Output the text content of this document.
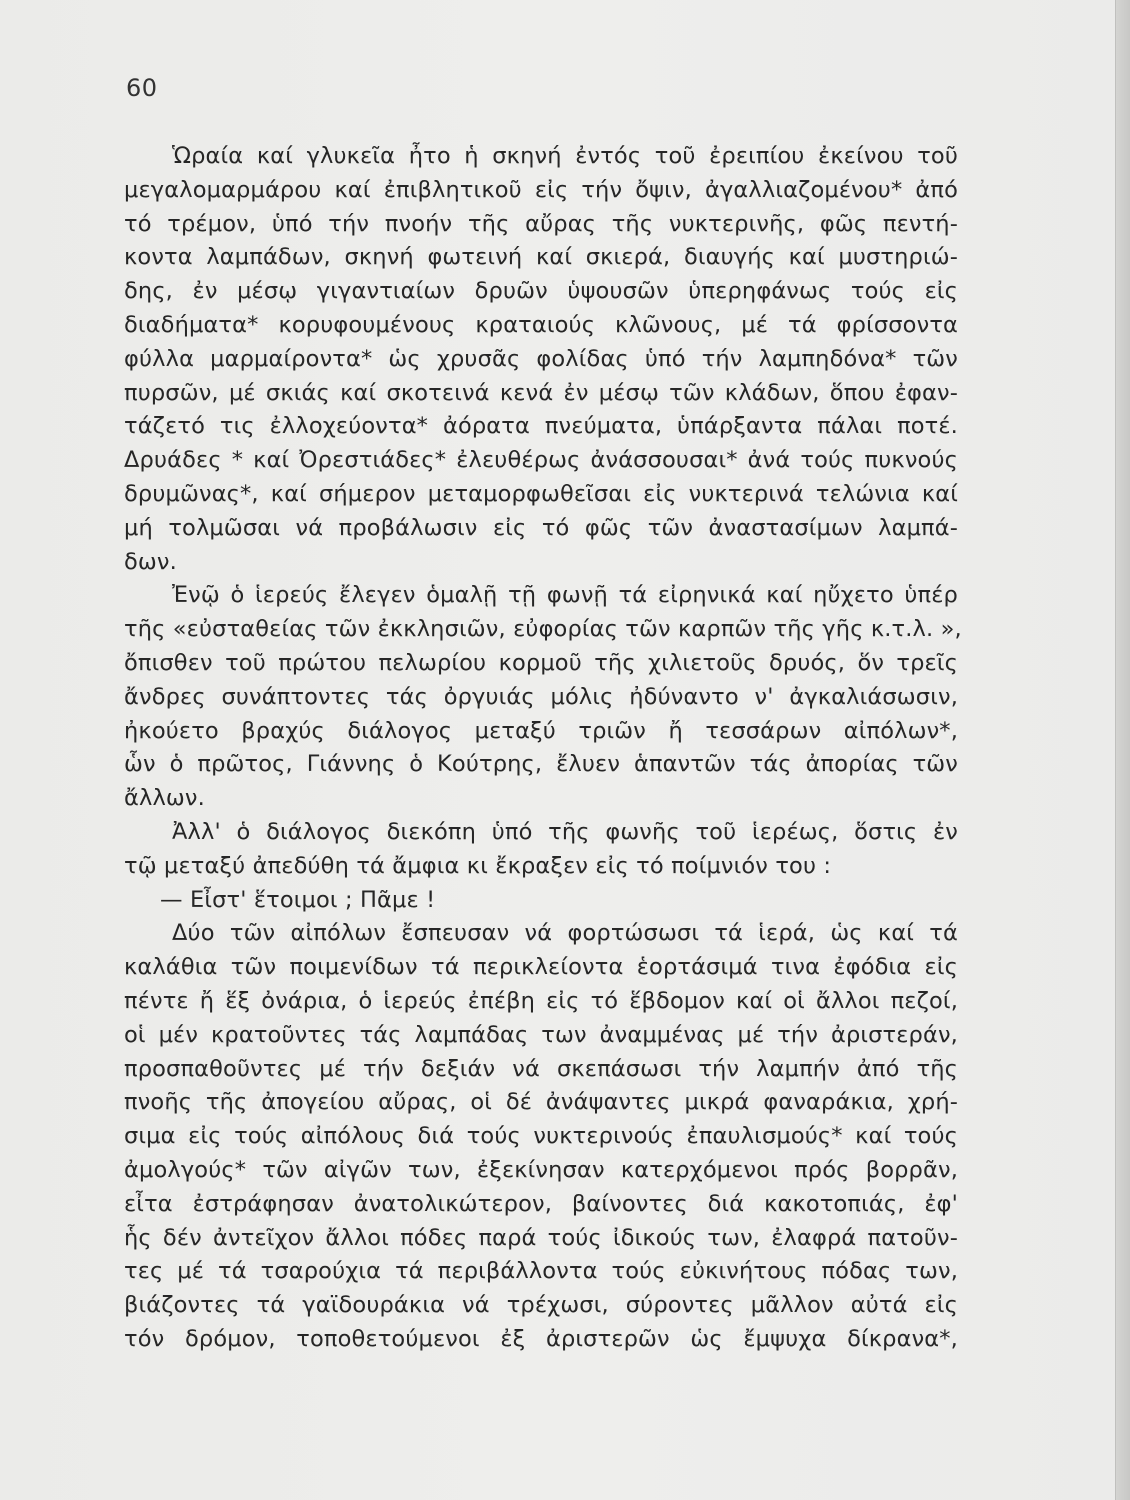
60
Ὡραία καί γλυκεῖα ἦτο ἡ σκηνή ἐντός τοῦ ἐρειπίου ἐκείνου τοῦ
μεγαλομαρμάρου καί ἐπιβλητικοῦ εἰς τήν ὄψιν, ἀγαλλιαζομένου* ἀπό
τό τρέμον, ὑπό τήν πνοήν τῆς αὔρας τῆς νυκτερινῆς, φῶς πεντή-
κοντα λαμπάδων, σκηνή φωτεινή καί σκιερά, διαυγής καί μυστηριώ-
δης, ἐν μέσῳ γιγαντιαίων δρυῶν ὑψουσῶν ὑπερηφάνως τούς εἰς
διαδήματα* κορυφουμένους κραταιούς κλῶνους, μέ τά φρίσσοντα
φύλλα μαρμαίροντα* ὡς χρυσᾶς φολίδας ὑπό τήν λαμπηδόνα* τῶν
πυρσῶν, μέ σκιάς καί σκοτεινά κενά ἐν μέσῳ τῶν κλάδων, ὅπου ἐφαν-
τάζετό τις ἐλλοχεύοντα* ἀόρατα πνεύματα, ὑπάρξαντα πάλαι ποτέ.
Δρυάδες * καί Ὀρεστιάδες* ἐλευθέρως ἀνάσσουσαι* ἀνά τούς πυκνούς
δρυμῶνας*, καί σήμερον μεταμορφωθεῖσαι εἰς νυκτερινά τελώνια καί
μή τολμῶσαι νά προβάλωσιν εἰς τό φῶς τῶν ἀναστασίμων λαμπά-
δων.
Ἐνῷ ὁ ἱερεύς ἔλεγεν ὁμαλῇ τῇ φωνῇ τά εἰρηνικά καί ηὔχετο ὑπέρ
τῆς «εὐσταθείας τῶν ἐκκλησιῶν, εὐφορίας τῶν καρπῶν τῆς γῆς κ.τ.λ. »,
ὄπισθεν τοῦ πρώτου πελωρίου κορμοῦ τῆς χιλιετοῦς δρυός, ὅν τρεῖς
ἄνδρες συνάπτοντες τάς ὀργυιάς μόλις ἠδύναντο ν' ἀγκαλιάσωσιν,
ἠκούετο βραχύς διάλογος μεταξύ τριῶν ἤ τεσσάρων αἰπόλων*,
ὧν ὁ πρῶτος, Γιάννης ὁ Κούτρης, ἔλυεν ἁπαντῶν τάς ἀπορίας τῶν
ἄλλων.
Ἀλλ' ὁ διάλογος διεκόπη ὑπό τῆς φωνῆς τοῦ ἱερέως, ὅστις ἐν
τῷ μεταξύ ἀπεδύθη τά ἄμφια κι ἔκραξεν εἰς τό ποίμνιόν του :
— Εἶστ' ἕτοιμοι ; Πᾶμε !
Δύο τῶν αἰπόλων ἔσπευσαν νά φορτώσωσι τά ἱερά, ὡς καί τά
καλάθια τῶν ποιμενίδων τά περικλείοντα ἑορτάσιμά τινα ἐφόδια εἰς
πέντε ἤ ἕξ ὀνάρια, ὁ ἱερεύς ἐπέβη εἰς τό ἕβδομον καί οἱ ἄλλοι πεζοί,
οἱ μέν κρατοῦντες τάς λαμπάδας των ἀναμμένας μέ τήν ἀριστεράν,
προσπαθοῦντες μέ τήν δεξιάν νά σκεπάσωσι τήν λαμπήν ἀπό τῆς
πνοῆς τῆς ἀπογείου αὔρας, οἱ δέ ἀνάψαντες μικρά φαναράκια, χρή-
σιμα εἰς τούς αἰπόλους διά τούς νυκτερινούς ἐπαυλισμούς* καί τούς
ἀμολγούς* τῶν αἰγῶν των, ἐξεκίνησαν κατερχόμενοι πρός βορρᾶν,
εἶτα ἐστράφησαν ἀνατολικώτερον, βαίνοντες διά κακοτοπιάς, ἐφ'
ἧς δέν ἀντεῖχον ἄλλοι πόδες παρά τούς ἰδικούς των, ἐλαφρά πατοῦν-
τες μέ τά τσαρούχια τά περιβάλλοντα τούς εὐκινήτους πόδας των,
βιάζοντες τά γαϊδουράκια νά τρέχωσι, σύροντες μᾶλλον αὐτά εἰς
τόν δρόμον, τοποθετούμενοι ἐξ ἀριστερῶν ὡς ἔμψυχα δίκρανα*,
